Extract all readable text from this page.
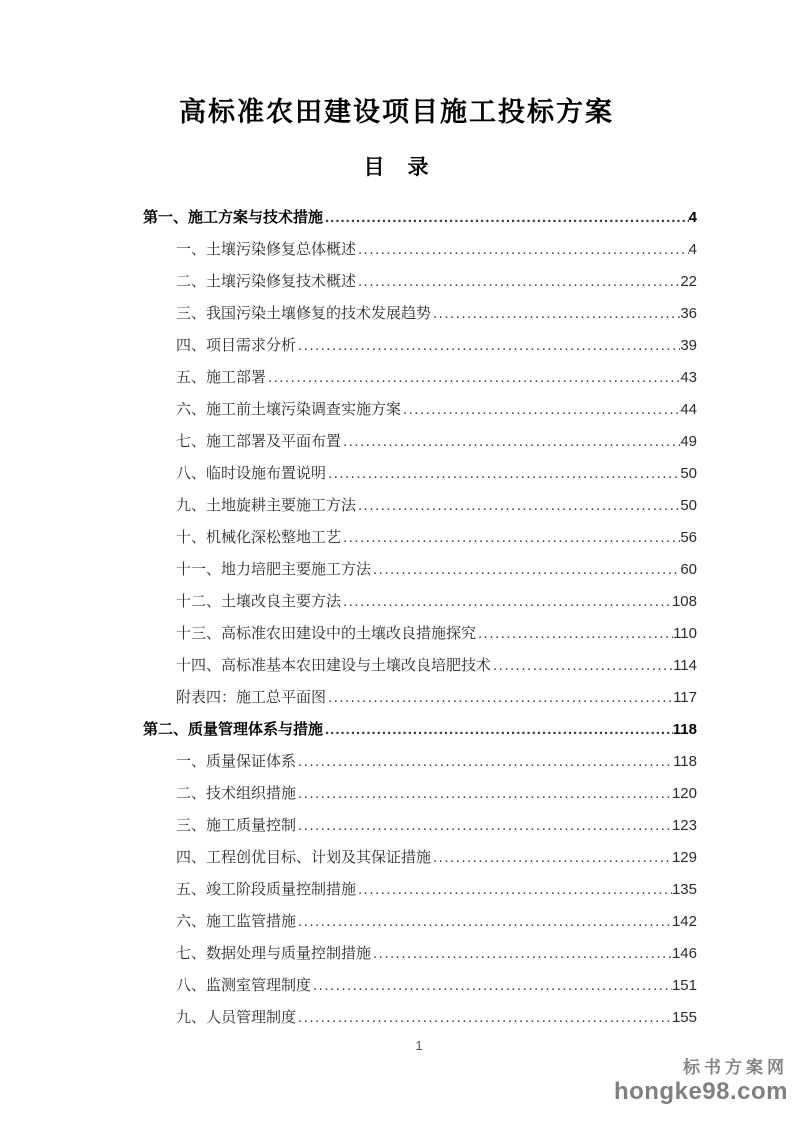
高标准农田建设项目施工投标方案
目　录
第一、施工方案与技术措施 .....	4
一、土壤污染修复总体概述 .....	4
二、土壤污染修复技术概述 .....	22
三、我国污染土壤修复的技术发展趋势 .....	36
四、项目需求分析 .....	39
五、施工部署 .....	43
六、施工前土壤污染调查实施方案 .....	44
七、施工部署及平面布置 .....	49
八、临时设施布置说明 .....	50
九、土地旋耕主要施工方法 .....	50
十、机械化深松整地工艺 .....	56
十一、地力培肥主要施工方法 .....	60
十二、土壤改良主要方法 .....	108
十三、高标准农田建设中的土壤改良措施探究 .....	110
十四、高标准基本农田建设与土壤改良培肥技术 .....	114
附表四：施工总平面图 .....	117
第二、质量管理体系与措施 .....	118
一、质量保证体系 .....	118
二、技术组织措施 .....	120
三、施工质量控制 .....	123
四、工程创优目标、计划及其保证措施 .....	129
五、竣工阶段质量控制措施 .....	135
六、施工监管措施 .....	142
七、数据处理与质量控制措施 .....	146
八、监测室管理制度 .....	151
九、人员管理制度 .....	155
1
标书方案网
hongke98.com
